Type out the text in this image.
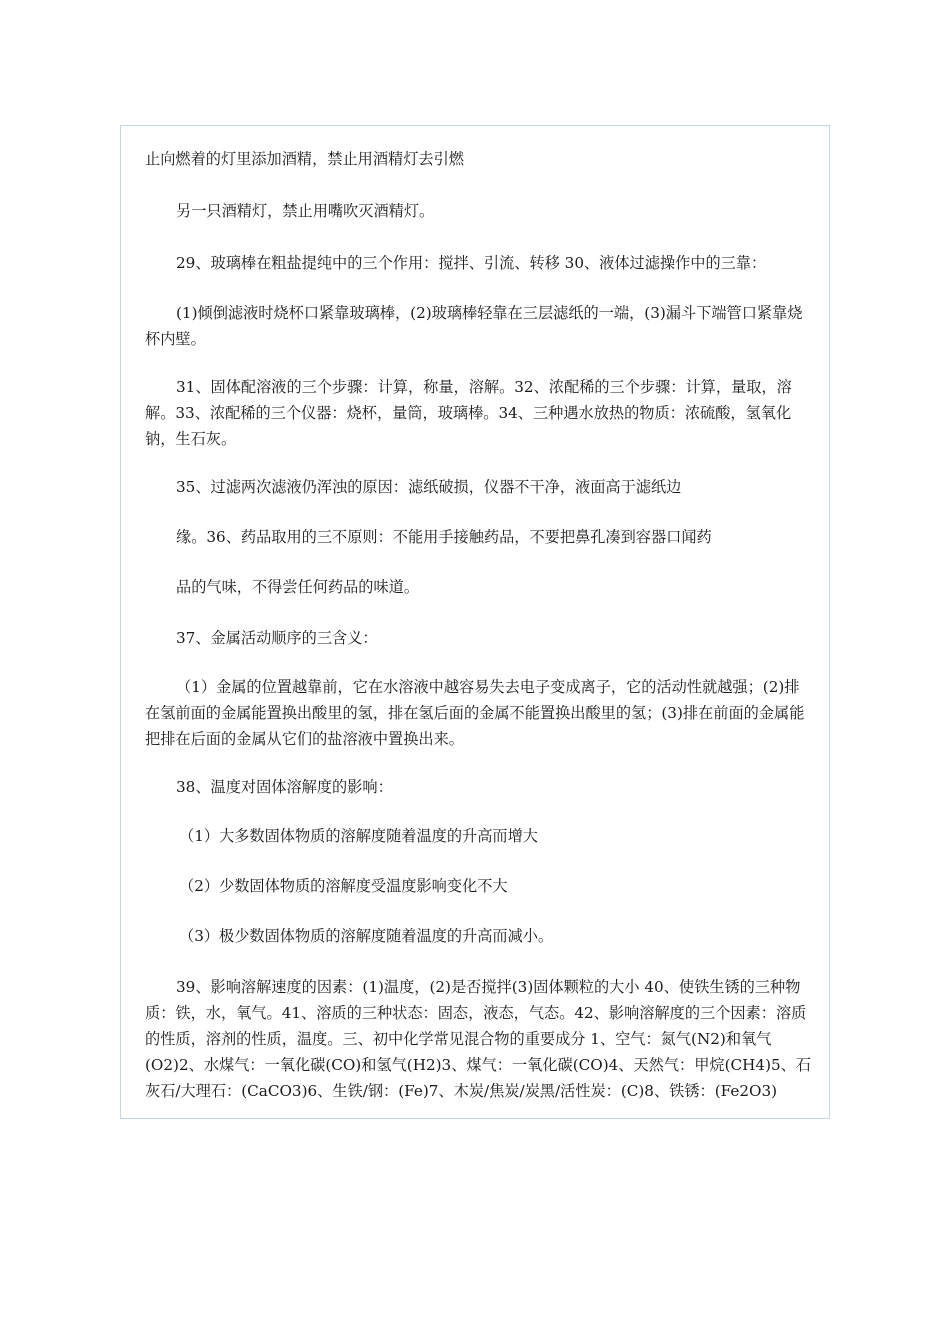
止向燃着的灯里添加酒精，禁止用酒精灯去引燃

另一只酒精灯，禁止用嘴吹灭酒精灯。

29、玻璃棒在粗盐提纯中的三个作用：搅拌、引流、转移 30、液体过滤操作中的三靠：

(1)倾倒滤液时烧杯口紧靠玻璃棒，(2)玻璃棒轻靠在三层滤纸的一端，(3)漏斗下端管口紧靠烧杯内壁。

31、固体配溶液的三个步骤：计算，称量，溶解。32、浓配稀的三个步骤：计算，量取，溶解。33、浓配稀的三个仪器：烧杯，量筒，玻璃棒。34、三种遇水放热的物质：浓硫酸，氢氧化钠，生石灰。

35、过滤两次滤液仍浑浊的原因：滤纸破损，仪器不干净，液面高于滤纸边

缘。36、药品取用的三不原则：不能用手接触药品，不要把鼻孔凑到容器口闻药

品的气味，不得尝任何药品的味道。

37、金属活动顺序的三含义：

（1）金属的位置越靠前，它在水溶液中越容易失去电子变成离子，它的活动性就越强；(2)排在氢前面的金属能置换出酸里的氢，排在氢后面的金属不能置换出酸里的氢；(3)排在前面的金属能把排在后面的金属从它们的盐溶液中置换出来。

38、温度对固体溶解度的影响：

（1）大多数固体物质的溶解度随着温度的升高而增大

（2）少数固体物质的溶解度受温度影响变化不大

（3）极少数固体物质的溶解度随着温度的升高而减小。

39、影响溶解速度的因素：(1)温度，(2)是否搅拌(3)固体颗粒的大小 40、使铁生锈的三种物质：铁，水，氧气。41、溶质的三种状态：固态，液态，气态。42、影响溶解度的三个因素：溶质的性质，溶剂的性质，温度。三、初中化学常见混合物的重要成分 1、空气：氮气(N2)和氧气(O2)2、水煤气：一氧化碳(CO)和氢气(H2)3、煤气：一氧化碳(CO)4、天然气：甲烷(CH4)5、石灰石/大理石：(CaCO3)6、生铁/钢：(Fe)7、木炭/焦炭/炭黑/活性炭：(C)8、铁锈：(Fe2O3)
